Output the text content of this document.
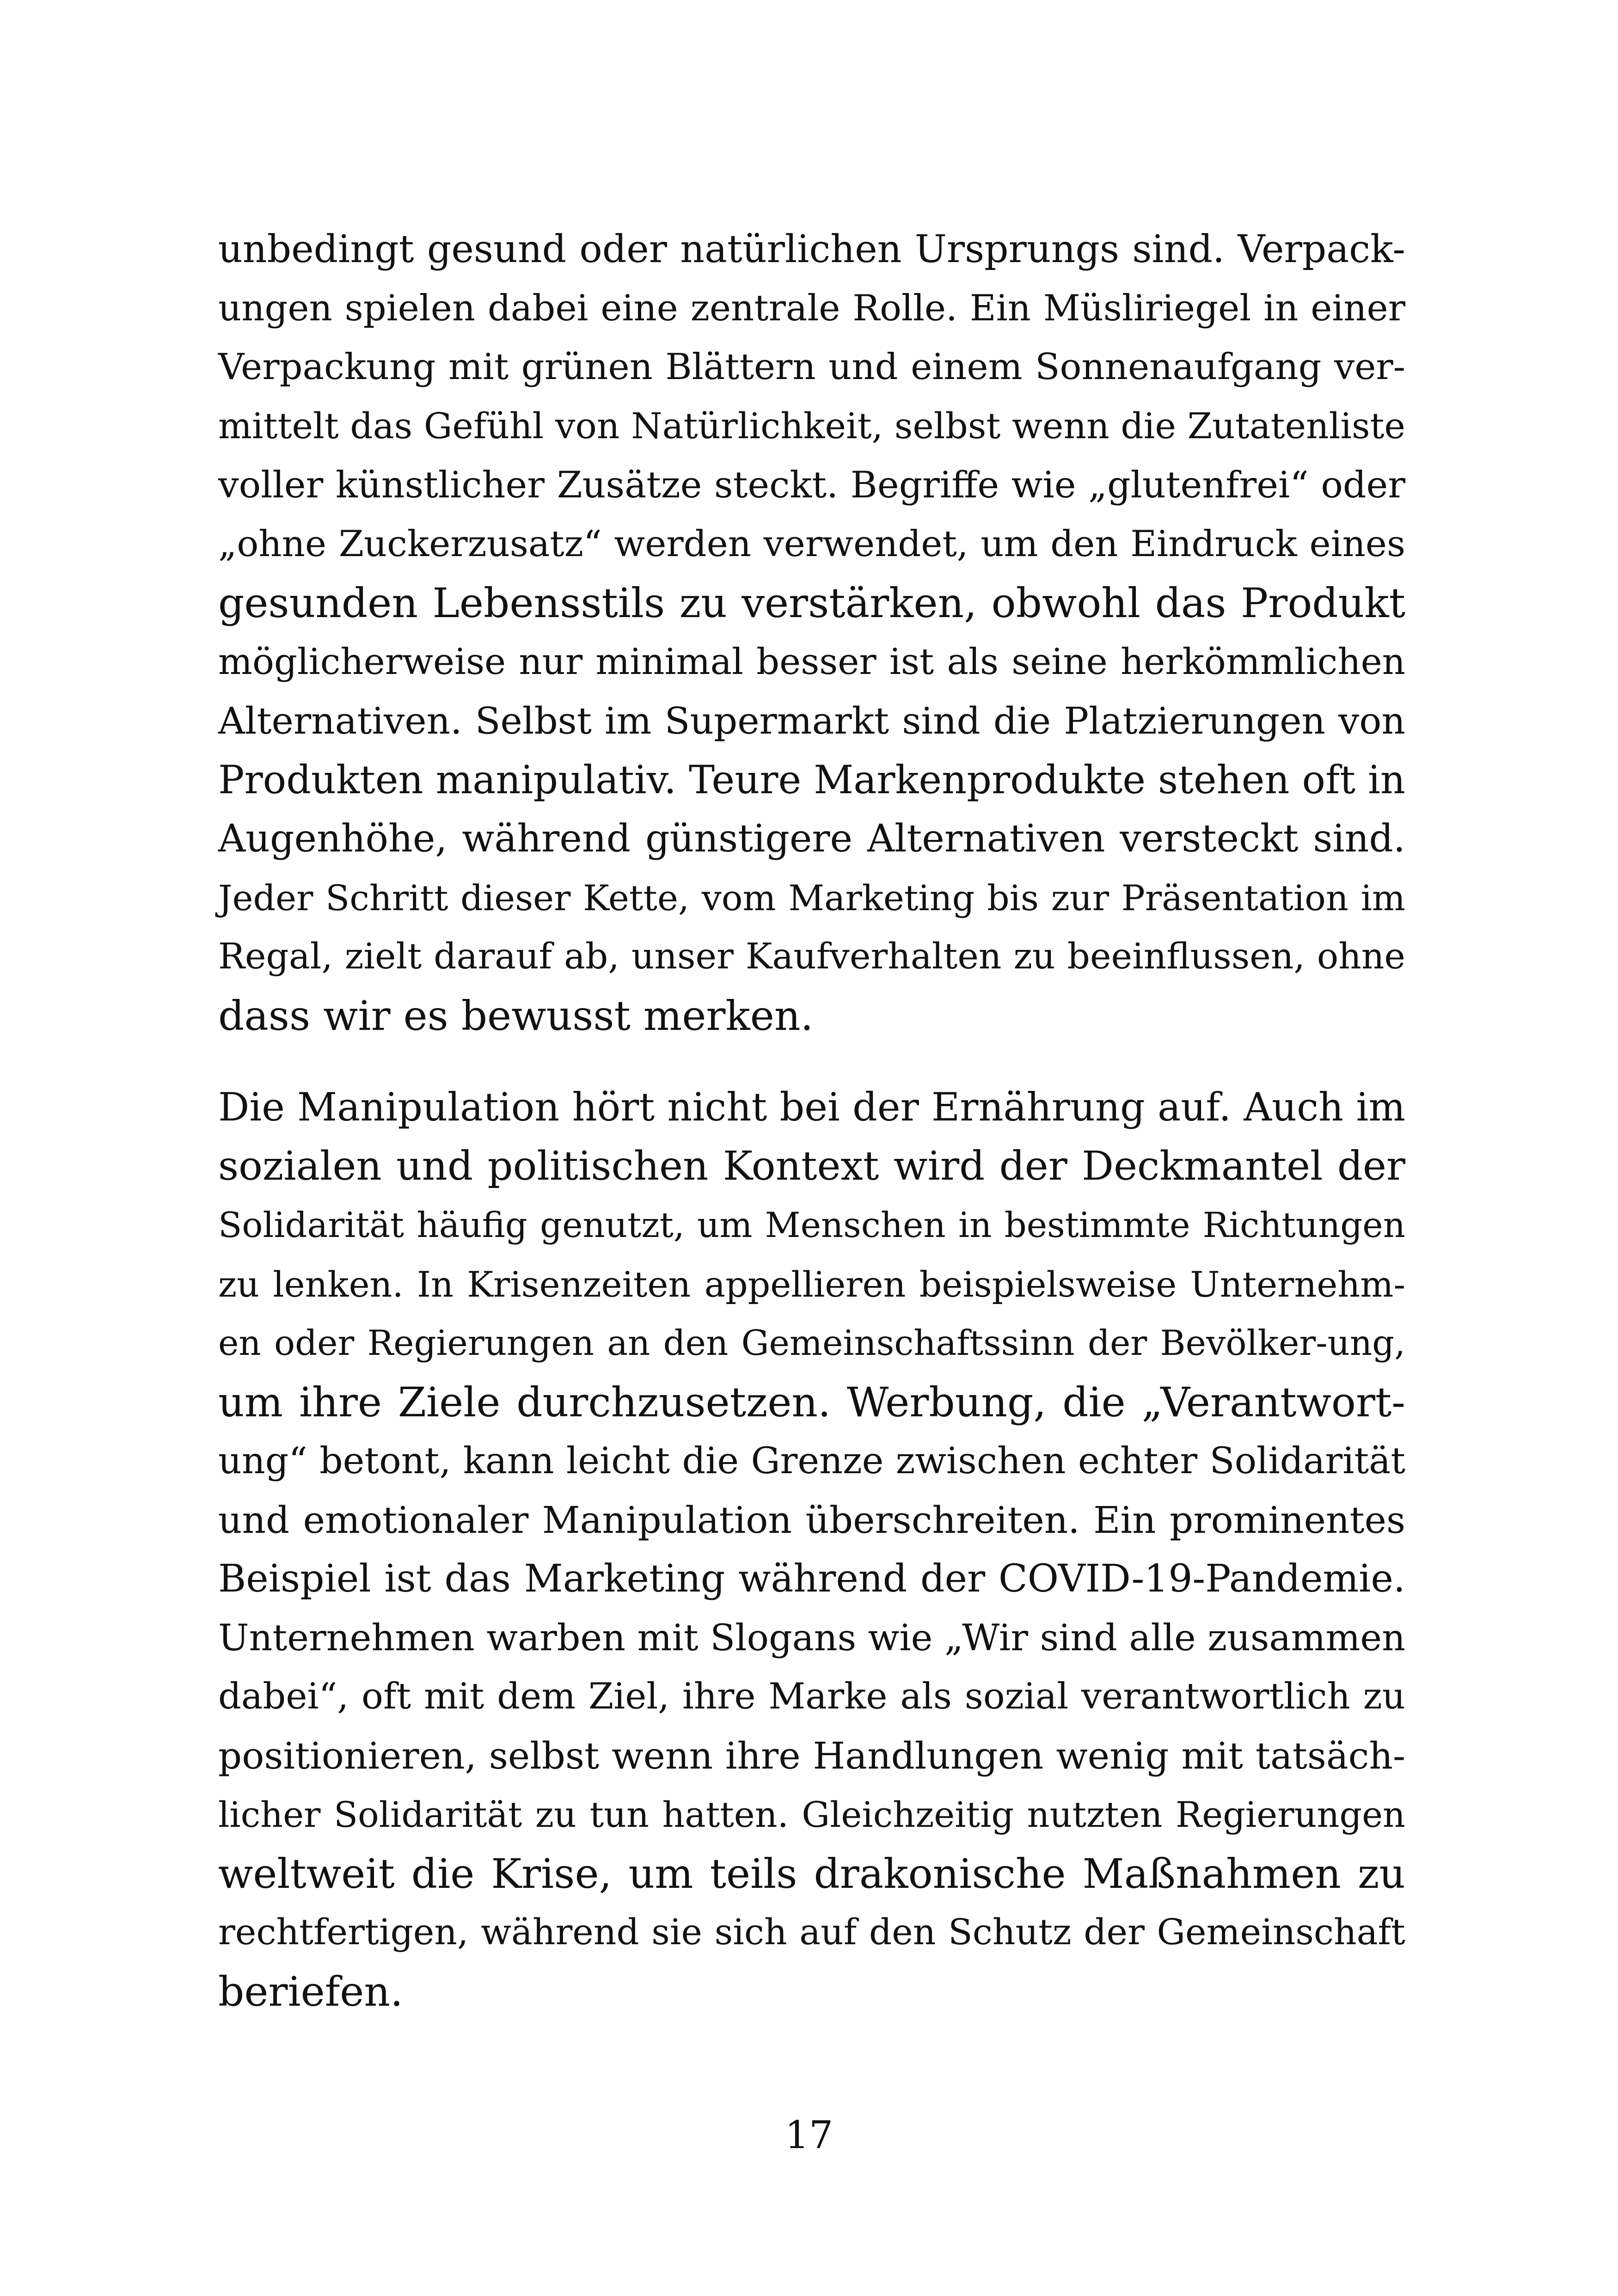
unbedingt gesund oder natürlichen Ursprungs sind. Verpack-
ungen spielen dabei eine zentrale Rolle. Ein Müsliriegel in einer
Verpackung mit grünen Blättern und einem Sonnenaufgang ver-
mittelt das Gefühl von Natürlichkeit, selbst wenn die Zutatenliste
voller künstlicher Zusätze steckt. Begriffe wie „glutenfrei“ oder
„ohne Zuckerzusatz“ werden verwendet, um den Eindruck eines
gesunden Lebensstils zu verstärken, obwohl das Produkt
möglicherweise nur minimal besser ist als seine herkömmlichen
Alternativen. Selbst im Supermarkt sind die Platzierungen von
Produkten manipulativ. Teure Markenprodukte stehen oft in
Augenhöhe, während günstigere Alternativen versteckt sind.
Jeder Schritt dieser Kette, vom Marketing bis zur Präsentation im
Regal, zielt darauf ab, unser Kaufverhalten zu beeinflussen, ohne
dass wir es bewusst merken.
Die Manipulation hört nicht bei der Ernährung auf. Auch im
sozialen und politischen Kontext wird der Deckmantel der
Solidarität häufig genutzt, um Menschen in bestimmte Richtungen
zu lenken. In Krisenzeiten appellieren beispielsweise Unternehm-
en oder Regierungen an den Gemeinschaftssinn der Bevölker-ung,
um ihre Ziele durchzusetzen. Werbung, die „Verantwort-
ung“ betont, kann leicht die Grenze zwischen echter Solidarität
und emotionaler Manipulation überschreiten. Ein prominentes
Beispiel ist das Marketing während der COVID-19-Pandemie.
Unternehmen warben mit Slogans wie „Wir sind alle zusammen
dabei“, oft mit dem Ziel, ihre Marke als sozial verantwortlich zu
positionieren, selbst wenn ihre Handlungen wenig mit tatsäch-
licher Solidarität zu tun hatten. Gleichzeitig nutzten Regierungen
weltweit die Krise, um teils drakonische Maßnahmen zu
rechtfertigen, während sie sich auf den Schutz der Gemeinschaft
beriefen.
17
